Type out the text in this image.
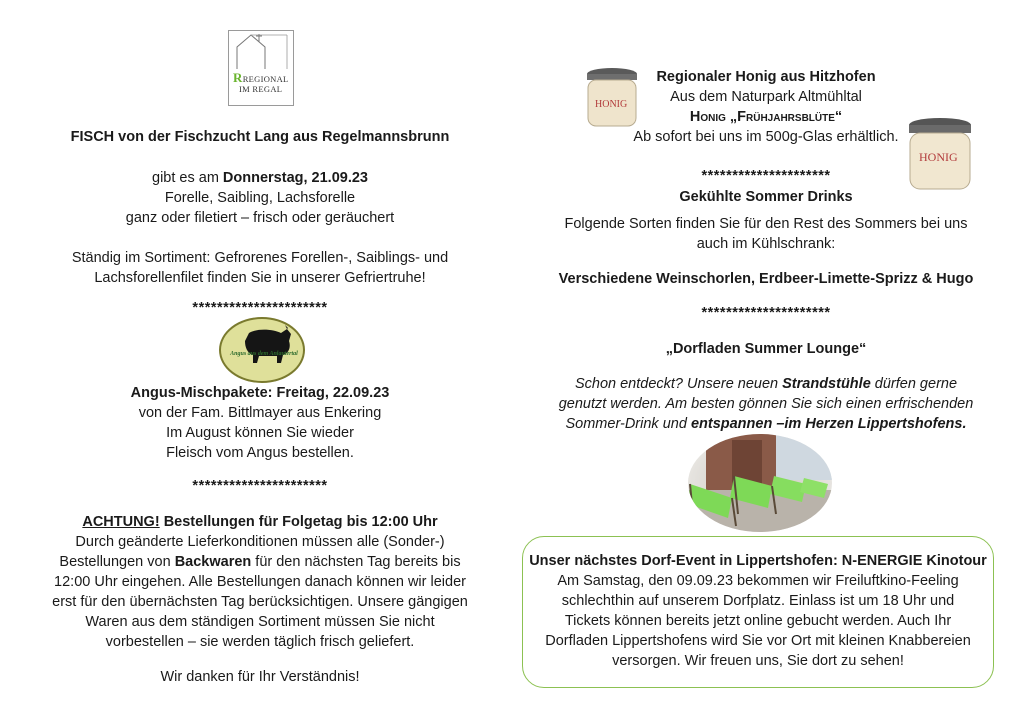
RREGIONAL
IM REGAL
FISCH von der Fischzucht Lang aus Regelmannsbrunn
gibt es am Donnerstag, 21.09.23
Forelle, Saibling, Lachsforelle
ganz oder filetiert – frisch oder geräuchert
Ständig im Sortiment: Gefrorenes Forellen-, Saiblings- und
Lachsforellenfilet finden Sie in unserer Gefriertruhe!
**********************
Angus-Mischpakete: Freitag, 22.09.23
von der Fam. Bittlmayer aus Enkering
Im August können Sie wieder
Fleisch vom Angus bestellen.
**********************
ACHTUNG! Bestellungen für Folgetag bis 12:00 Uhr
Durch geänderte Lieferkonditionen müssen alle (Sonder-)
Bestellungen von Backwaren für den nächsten Tag bereits bis
12:00 Uhr eingehen. Alle Bestellungen danach können wir leider
erst für den übernächsten Tag berücksichtigen. Unsere gängigen
Waren aus dem ständigen Sortiment müssen Sie nicht
vorbestellen – sie werden täglich frisch geliefert.
Wir danken für Ihr Verständnis!
Angus aus dem Anlautertal
HONIG
HONIG
Regionaler Honig aus Hitzhofen
Aus dem Naturpark Altmühltal
Honig „Frühjahrsblüte“
Ab sofort bei uns im 500g-Glas erhältlich.
*********************
Gekühlte Sommer Drinks
Folgende Sorten finden Sie für den Rest des Sommers bei uns
auch im Kühlschrank:
Verschiedene Weinschorlen, Erdbeer-Limette-Sprizz & Hugo
*********************
„Dorfladen Summer Lounge“
Schon entdeckt? Unsere neuen Strandstühle dürfen gerne
genutzt werden. Am besten gönnen Sie sich einen erfrischenden
Sommer-Drink und entspannen –im Herzen Lippertshofens.
Unser nächstes Dorf-Event in Lippertshofen: N-ENERGIE Kinotour
Am Samstag, den 09.09.23 bekommen wir Freiluftkino-Feeling
schlechthin auf unserem Dorfplatz. Einlass ist um 18 Uhr und
Tickets können bereits jetzt online gebucht werden. Auch Ihr
Dorfladen Lippertshofens wird Sie vor Ort mit kleinen Knabbereien
versorgen. Wir freuen uns, Sie dort zu sehen!
